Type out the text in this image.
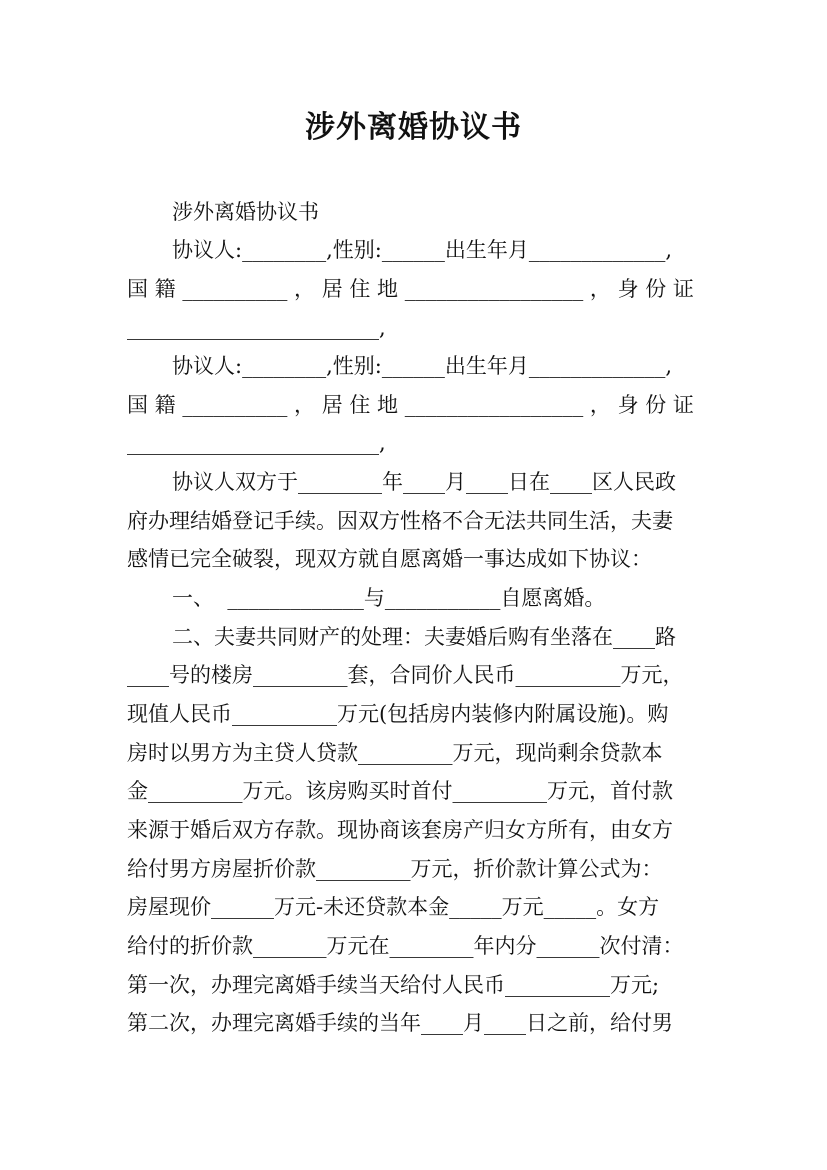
涉外离婚协议书
涉外离婚协议书
协议人:________,性别:______出生年月_____________,
国 籍 __________ ， 居 住 地 _________________ ， 身 份 证
________________________,
协议人:________,性别:______出生年月_____________,
国 籍 __________ ， 居 住 地 _________________ ， 身 份 证
________________________,
协议人双方于________年____月____日在____区人民政
府办理结婚登记手续。因双方性格不合无法共同生活，夫妻
感情已完全破裂，现双方就自愿离婚一事达成如下协议：
一、  _____________与___________自愿离婚。
二、夫妻共同财产的处理：夫妻婚后购有坐落在____路
____号的楼房_________套，合同价人民币__________万元，
现值人民币__________万元(包括房内装修内附属设施)。购
房时以男方为主贷人贷款_________万元，现尚剩余贷款本
金_________万元。该房购买时首付_________万元，首付款
来源于婚后双方存款。现协商该套房产归女方所有，由女方
给付男方房屋折价款_________万元，折价款计算公式为：
房屋现价______万元-未还贷款本金_____万元_____。女方
给付的折价款_______万元在________年内分______次付清：
第一次，办理完离婚手续当天给付人民币__________万元;
第二次，办理完离婚手续的当年____月____日之前，给付男
